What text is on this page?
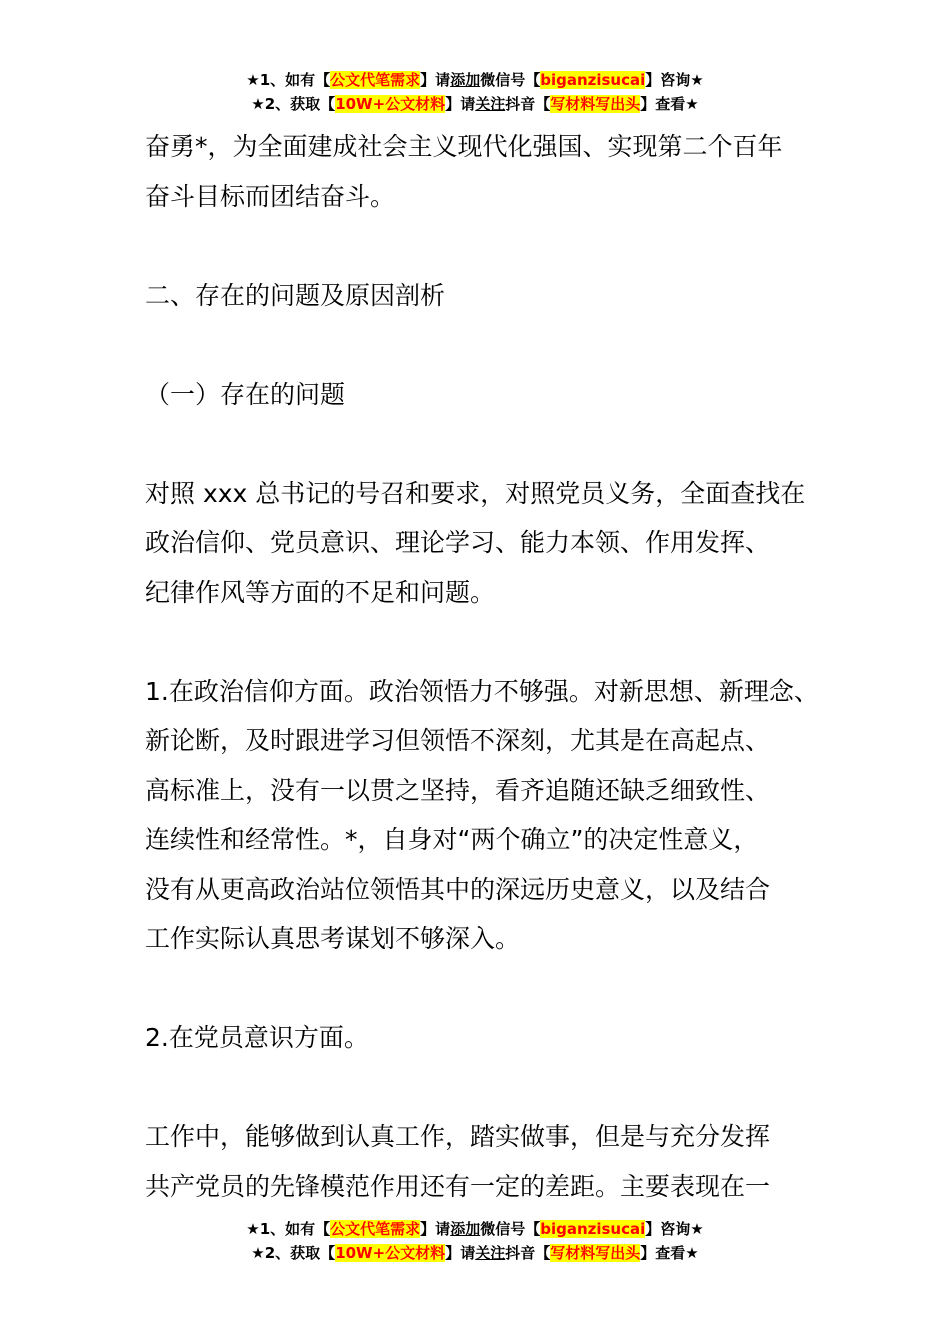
★1、如有【公文代笔需求】请添加微信号【biganzisucai】咨询★
★2、获取【10W+公文材料】请关注抖音【写材料写出头】查看★

奋勇*，为全面建成社会主义现代化强国、实现第二个百年

奋斗目标而团结奋斗。

二、存在的问题及原因剖析

（一）存在的问题

对照 xxx 总书记的号召和要求，对照党员义务，全面查找在

政治信仰、党员意识、理论学习、能力本领、作用发挥、

纪律作风等方面的不足和问题。

1.在政治信仰方面。政治领悟力不够强。对新思想、新理念、

新论断，及时跟进学习但领悟不深刻，尤其是在高起点、

高标准上，没有一以贯之坚持，看齐追随还缺乏细致性、

连续性和经常性。*，自身对“两个确立”的决定性意义，

没有从更高政治站位领悟其中的深远历史意义，以及结合

工作实际认真思考谋划不够深入。

2.在党员意识方面。

工作中，能够做到认真工作，踏实做事，但是与充分发挥

共产党员的先锋模范作用还有一定的差距。主要表现在一

★1、如有【公文代笔需求】请添加微信号【biganzisucai】咨询★
★2、获取【10W+公文材料】请关注抖音【写材料写出头】查看★
